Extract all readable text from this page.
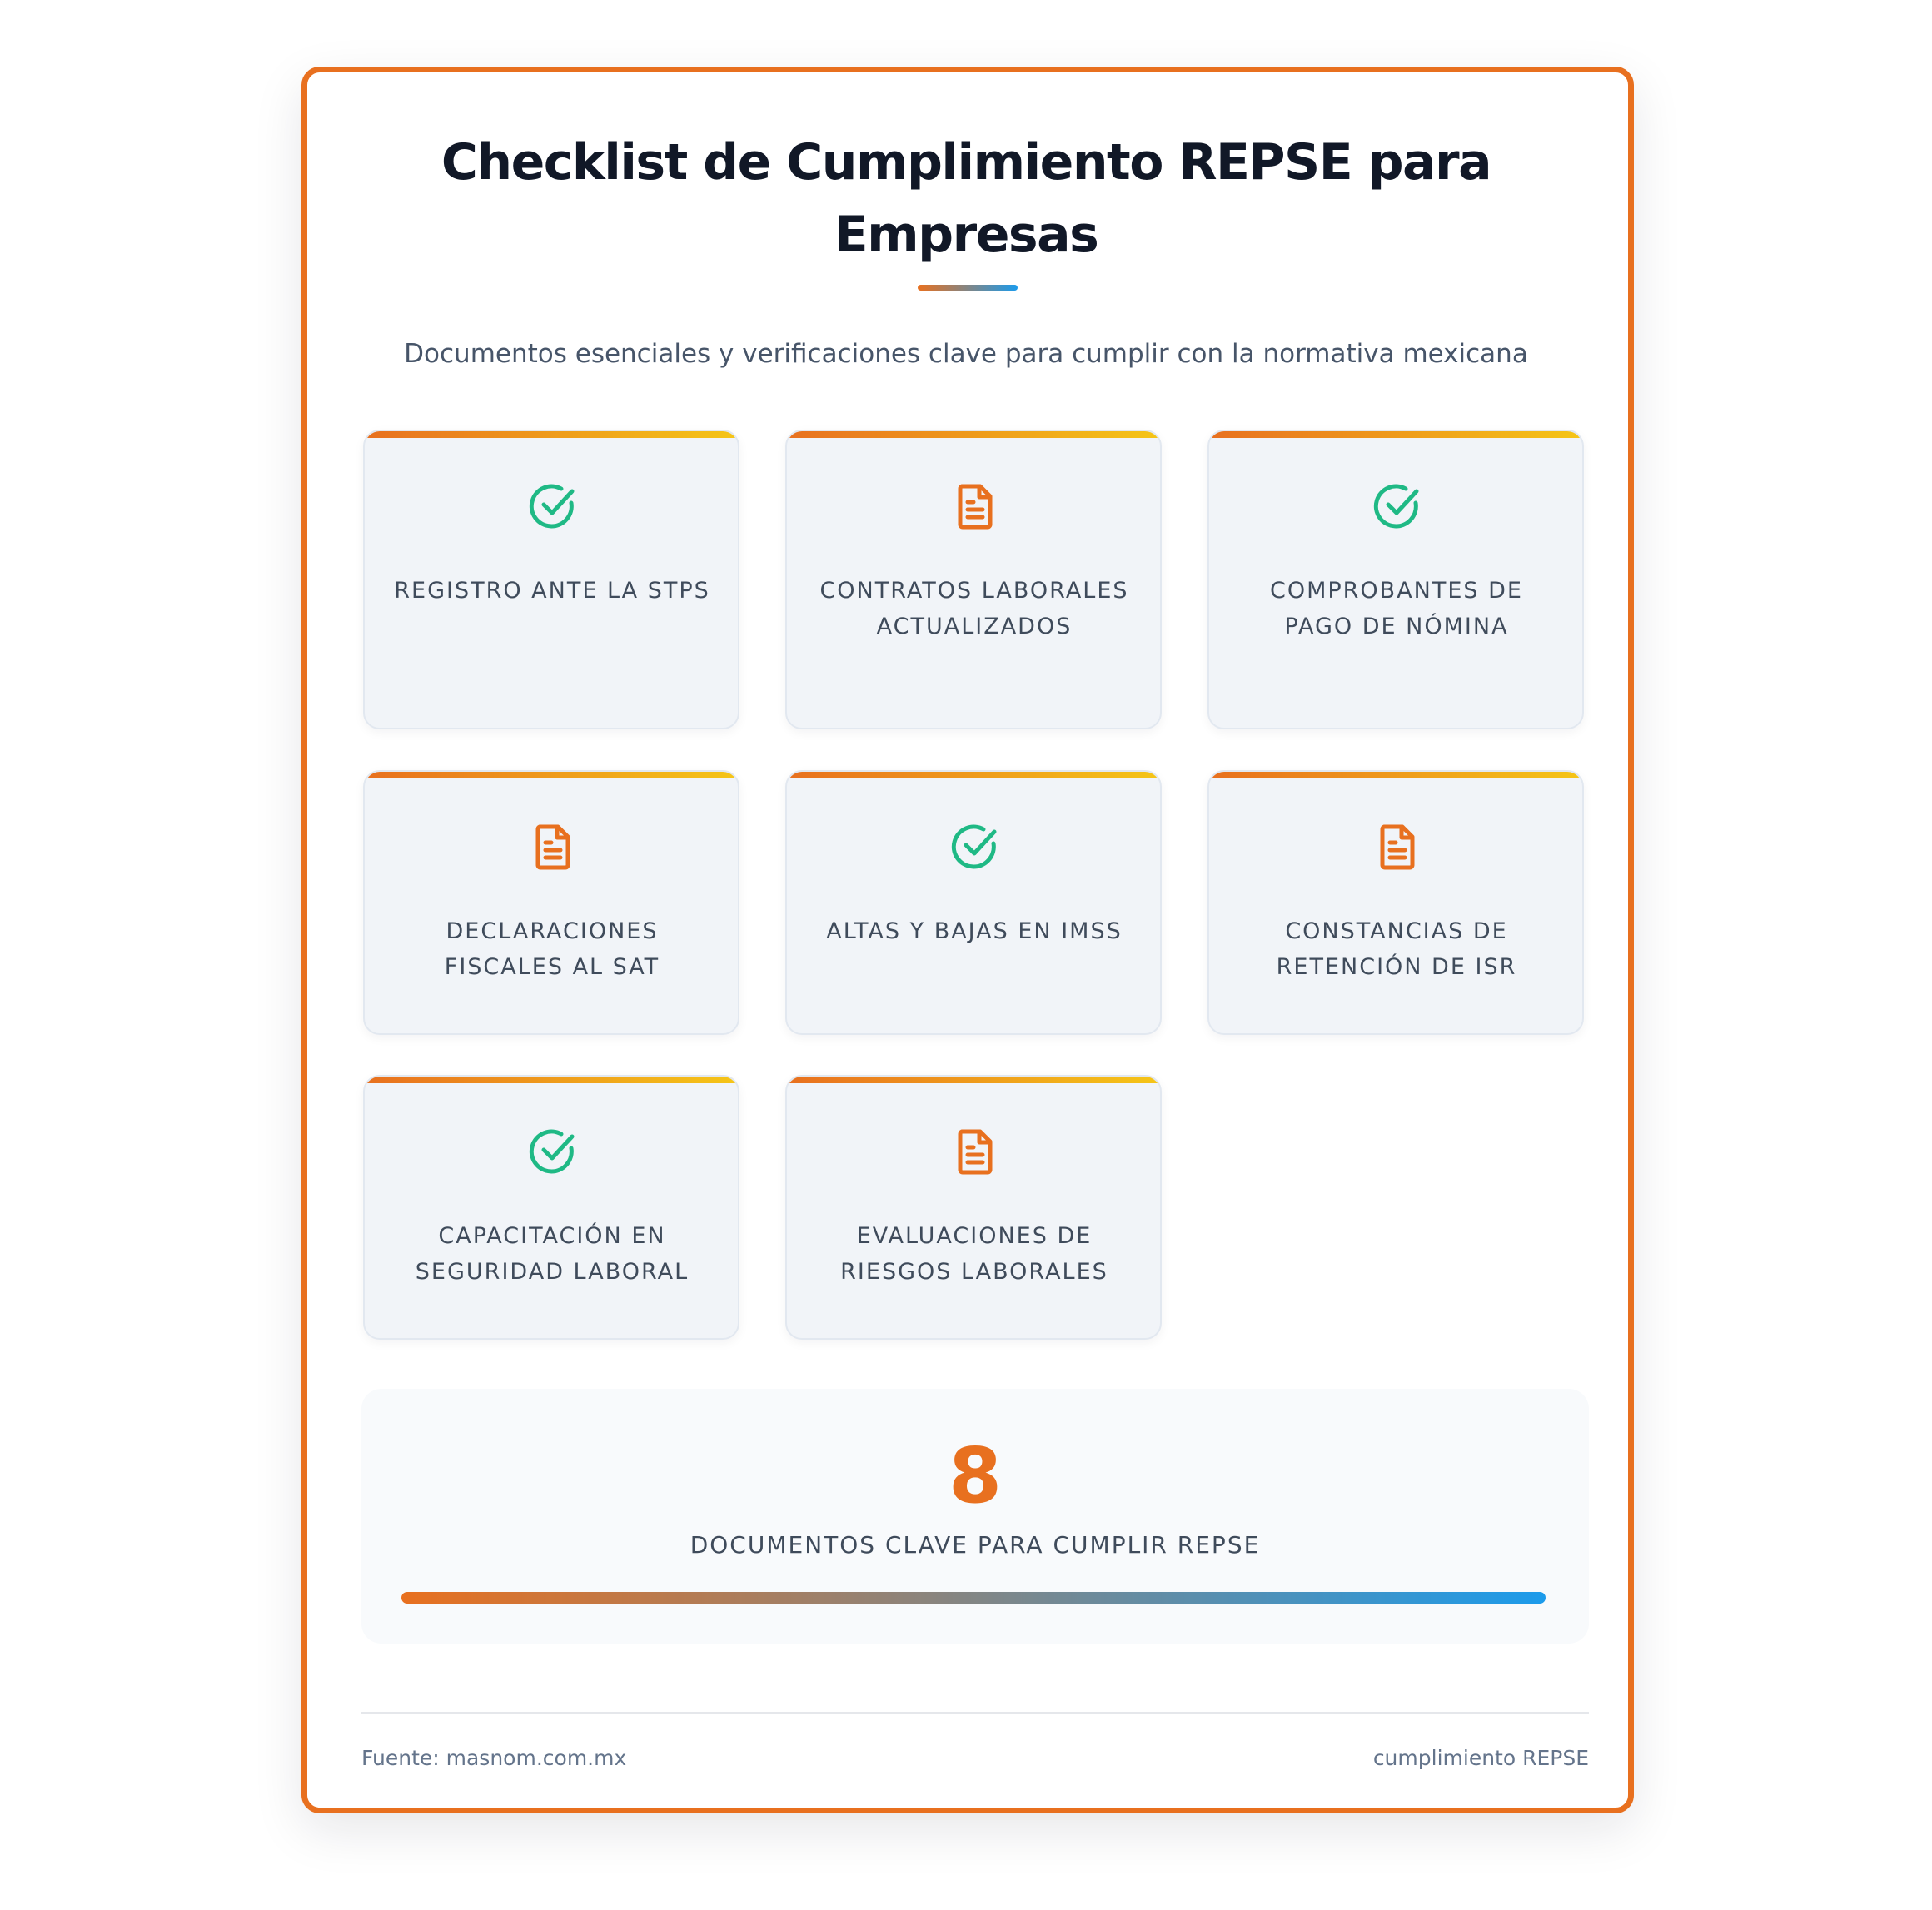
Checklist de Cumplimiento REPSE para Empresas
Documentos esenciales y verificaciones clave para cumplir con la normativa mexicana
REGISTRO ANTE LA STPS	CONTRATOS LABORALES ACTUALIZADOS
COMPROBANTES DE PAGO DE NÓMINA
DECLARACIONES FISCALES AL SAT
ALTAS Y BAJAS EN IMSS	CONSTANCIAS DE RETENCIÓN DE ISR
CAPACITACIÓN EN SEGURIDAD LABORAL
EVALUACIONES DE RIESGOS LABORALES
8
DOCUMENTOS CLAVE PARA CUMPLIR REPSE
Fuente: masnom.com.mx	cumplimiento REPSE
